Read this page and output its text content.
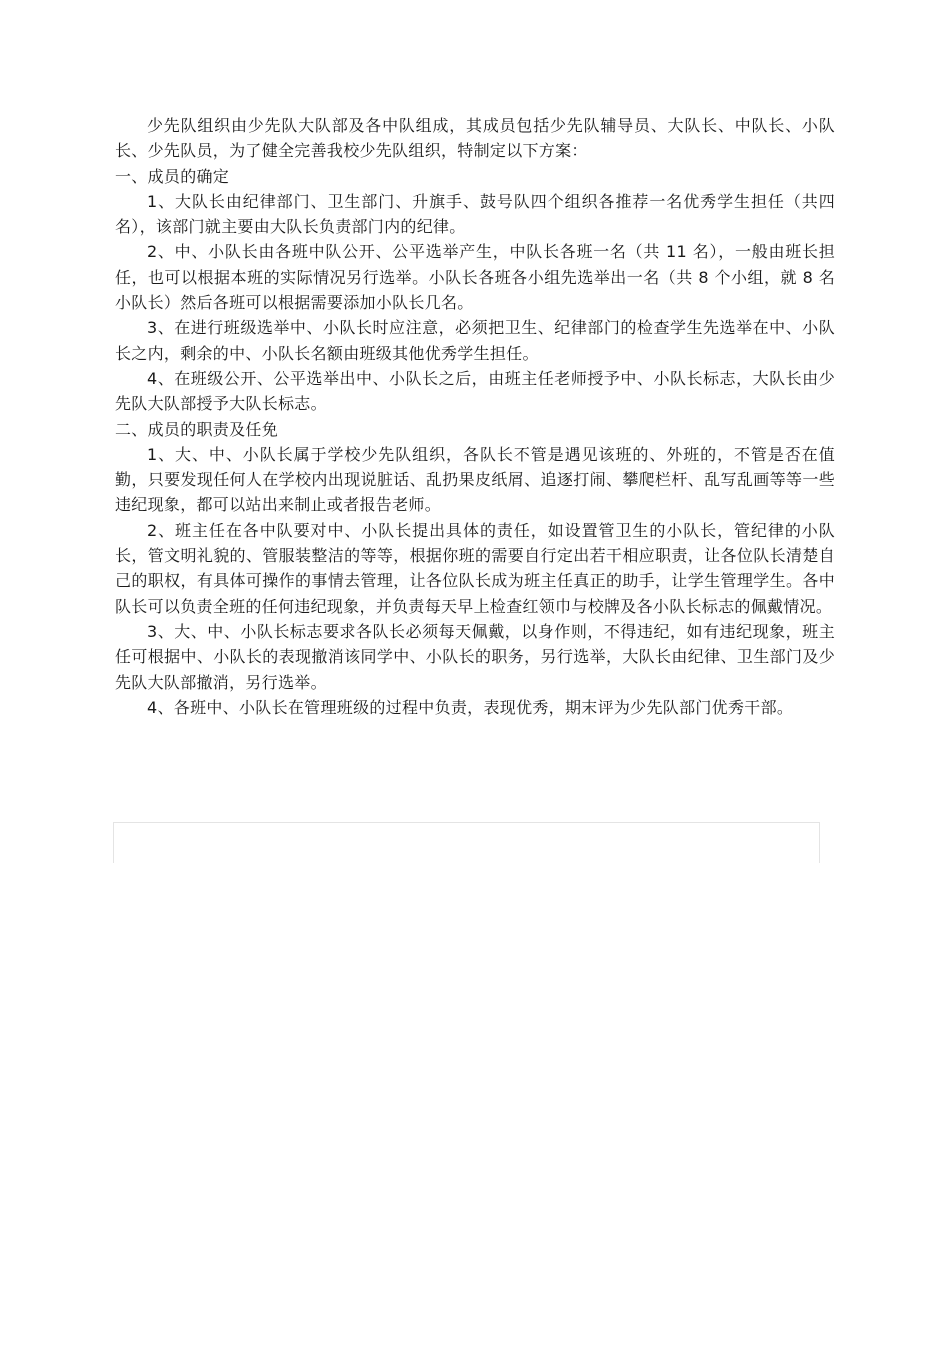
少先队组织由少先队大队部及各中队组成，其成员包括少先队辅导员、大队长、中队长、小队长、少先队员，为了健全完善我校少先队组织，特制定以下方案：

一、成员的确定

1、大队长由纪律部门、卫生部门、升旗手、鼓号队四个组织各推荐一名优秀学生担任（共四名），该部门就主要由大队长负责部门内的纪律。

2、中、小队长由各班中队公开、公平选举产生，中队长各班一名（共 11 名），一般由班长担任，也可以根据本班的实际情况另行选举。小队长各班各小组先选举出一名（共 8 个小组，就 8 名小队长）然后各班可以根据需要添加小队长几名。

3、在进行班级选举中、小队长时应注意，必须把卫生、纪律部门的检查学生先选举在中、小队长之内，剩余的中、小队长名额由班级其他优秀学生担任。

4、在班级公开、公平选举出中、小队长之后，由班主任老师授予中、小队长标志，大队长由少先队大队部授予大队长标志。

二、成员的职责及任免

1、大、中、小队长属于学校少先队组织，各队长不管是遇见该班的、外班的，不管是否在值勤，只要发现任何人在学校内出现说脏话、乱扔果皮纸屑、追逐打闹、攀爬栏杆、乱写乱画等等一些违纪现象，都可以站出来制止或者报告老师。

2、班主任在各中队要对中、小队长提出具体的责任，如设置管卫生的小队长，管纪律的小队长，管文明礼貌的、管服装整洁的等等，根据你班的需要自行定出若干相应职责，让各位队长清楚自己的职权，有具体可操作的事情去管理，让各位队长成为班主任真正的助手，让学生管理学生。各中队长可以负责全班的任何违纪现象，并负责每天早上检查红领巾与校牌及各小队长标志的佩戴情况。

3、大、中、小队长标志要求各队长必须每天佩戴，以身作则，不得违纪，如有违纪现象，班主任可根据中、小队长的表现撤消该同学中、小队长的职务，另行选举，大队长由纪律、卫生部门及少先队大队部撤消，另行选举。

4、各班中、小队长在管理班级的过程中负责，表现优秀，期末评为少先队部门优秀干部。
